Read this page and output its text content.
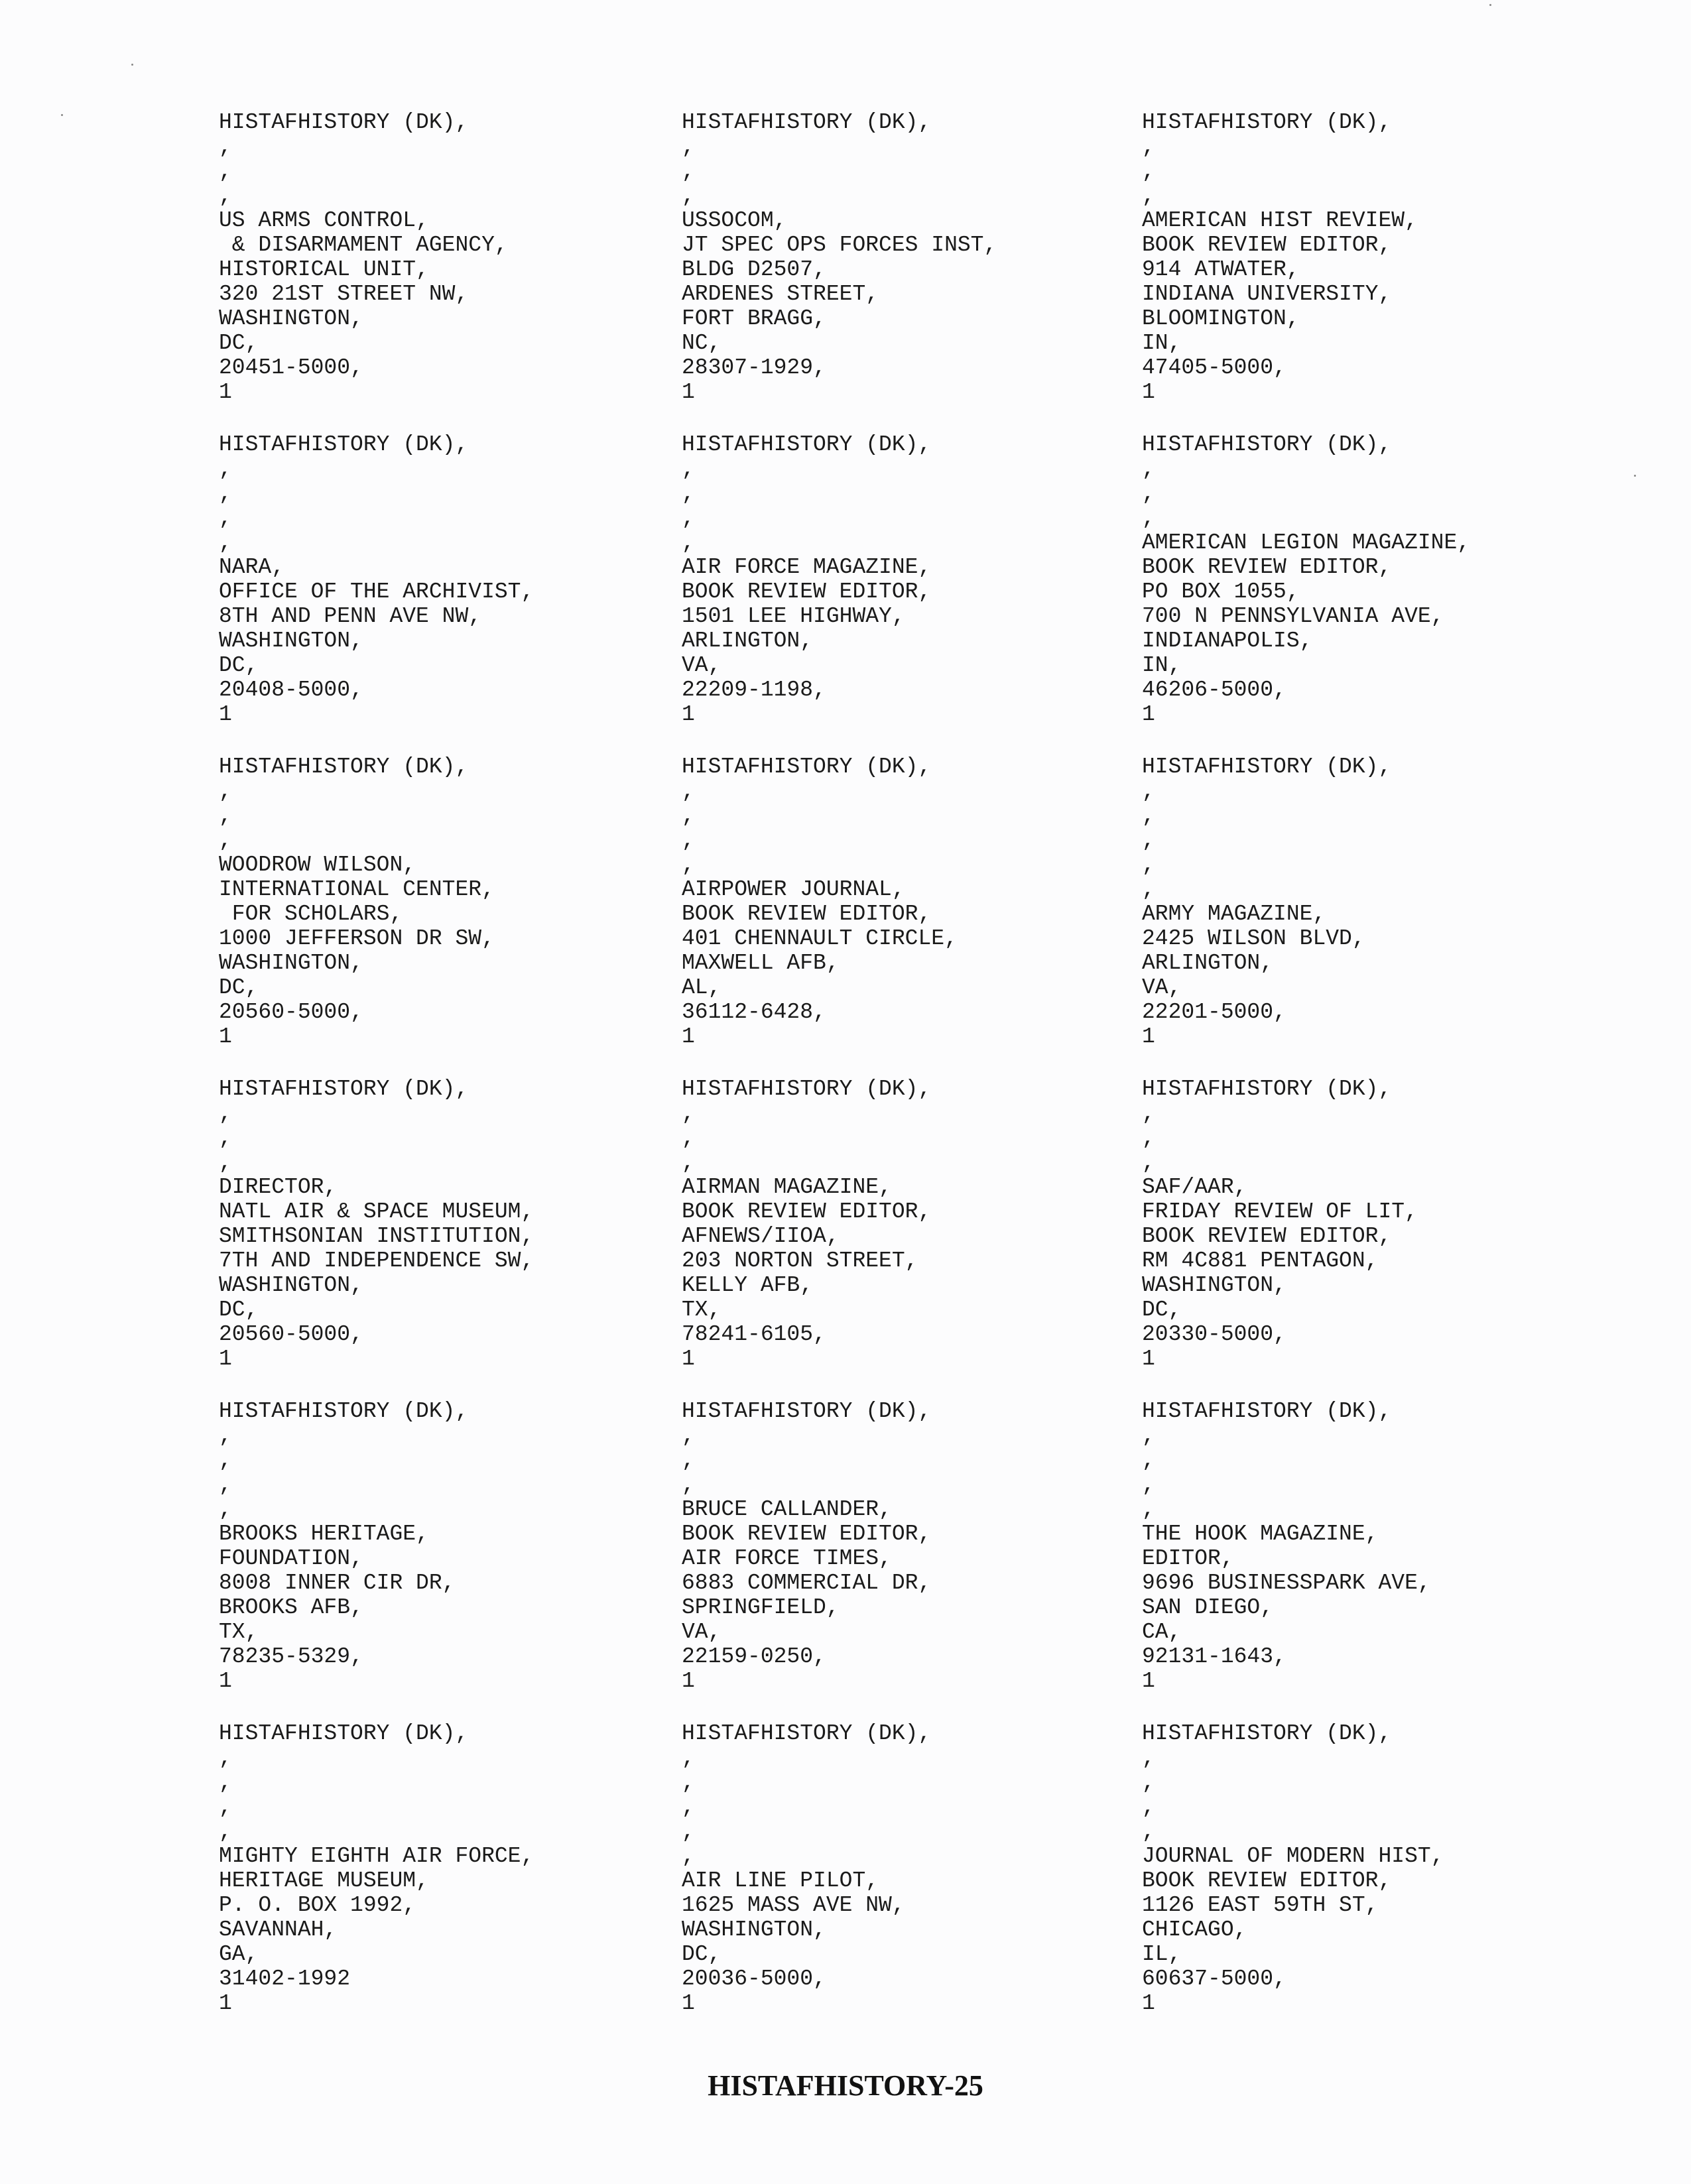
HISTAFHISTORY (DK),
,
,
,
US ARMS CONTROL,
& DISARMAMENT AGENCY,
HISTORICAL UNIT,
320 21ST STREET NW,
WASHINGTON,
DC,
20451-5000,
1
HISTAFHISTORY (DK),
,
,
,
USSOCOM,
JT SPEC OPS FORCES INST,
BLDG D2507,
ARDENES STREET,
FORT BRAGG,
NC,
28307-1929,
1
HISTAFHISTORY (DK),
,
,
,
AMERICAN HIST REVIEW,
BOOK REVIEW EDITOR,
914 ATWATER,
INDIANA UNIVERSITY,
BLOOMINGTON,
IN,
47405-5000,
1
HISTAFHISTORY (DK),
,
,
,
,
NARA,
OFFICE OF THE ARCHIVIST,
8TH AND PENN AVE NW,
WASHINGTON,
DC,
20408-5000,
1
HISTAFHISTORY (DK),
,
,
,
,
AIR FORCE MAGAZINE,
BOOK REVIEW EDITOR,
1501 LEE HIGHWAY,
ARLINGTON,
VA,
22209-1198,
1
HISTAFHISTORY (DK),
,
,
,
AMERICAN LEGION MAGAZINE,
BOOK REVIEW EDITOR,
PO BOX 1055,
700 N PENNSYLVANIA AVE,
INDIANAPOLIS,
IN,
46206-5000,
1
HISTAFHISTORY (DK),
,
,
,
WOODROW WILSON,
INTERNATIONAL CENTER,
FOR SCHOLARS,
1000 JEFFERSON DR SW,
WASHINGTON,
DC,
20560-5000,
1
HISTAFHISTORY (DK),
,
,
,
,
AIRPOWER JOURNAL,
BOOK REVIEW EDITOR,
401 CHENNAULT CIRCLE,
MAXWELL AFB,
AL,
36112-6428,
1
HISTAFHISTORY (DK),
,
,
,
,
,
ARMY MAGAZINE,
2425 WILSON BLVD,
ARLINGTON,
VA,
22201-5000,
1
HISTAFHISTORY (DK),
,
,
,
DIRECTOR,
NATL AIR & SPACE MUSEUM,
SMITHSONIAN INSTITUTION,
7TH AND INDEPENDENCE SW,
WASHINGTON,
DC,
20560-5000,
1
HISTAFHISTORY (DK),
,
,
,
AIRMAN MAGAZINE,
BOOK REVIEW EDITOR,
AFNEWS/IIOA,
203 NORTON STREET,
KELLY AFB,
TX,
78241-6105,
1
HISTAFHISTORY (DK),
,
,
,
SAF/AAR,
FRIDAY REVIEW OF LIT,
BOOK REVIEW EDITOR,
RM 4C881 PENTAGON,
WASHINGTON,
DC,
20330-5000,
1
HISTAFHISTORY (DK),
,
,
,
,
BROOKS HERITAGE,
FOUNDATION,
8008 INNER CIR DR,
BROOKS AFB,
TX,
78235-5329,
1
HISTAFHISTORY (DK),
,
,
,
BRUCE CALLANDER,
BOOK REVIEW EDITOR,
AIR FORCE TIMES,
6883 COMMERCIAL DR,
SPRINGFIELD,
VA,
22159-0250,
1
HISTAFHISTORY (DK),
,
,
,
,
THE HOOK MAGAZINE,
EDITOR,
9696 BUSINESSPARK AVE,
SAN DIEGO,
CA,
92131-1643,
1
HISTAFHISTORY (DK),
,
,
,
,
MIGHTY EIGHTH AIR FORCE,
HERITAGE MUSEUM,
P. O. BOX 1992,
SAVANNAH,
GA,
31402-1992
1
HISTAFHISTORY (DK),
,
,
,
,
,
AIR LINE PILOT,
1625 MASS AVE NW,
WASHINGTON,
DC,
20036-5000,
1
HISTAFHISTORY (DK),
,
,
,
,
JOURNAL OF MODERN HIST,
BOOK REVIEW EDITOR,
1126 EAST 59TH ST,
CHICAGO,
IL,
60637-5000,
1
HISTAFHISTORY-25
